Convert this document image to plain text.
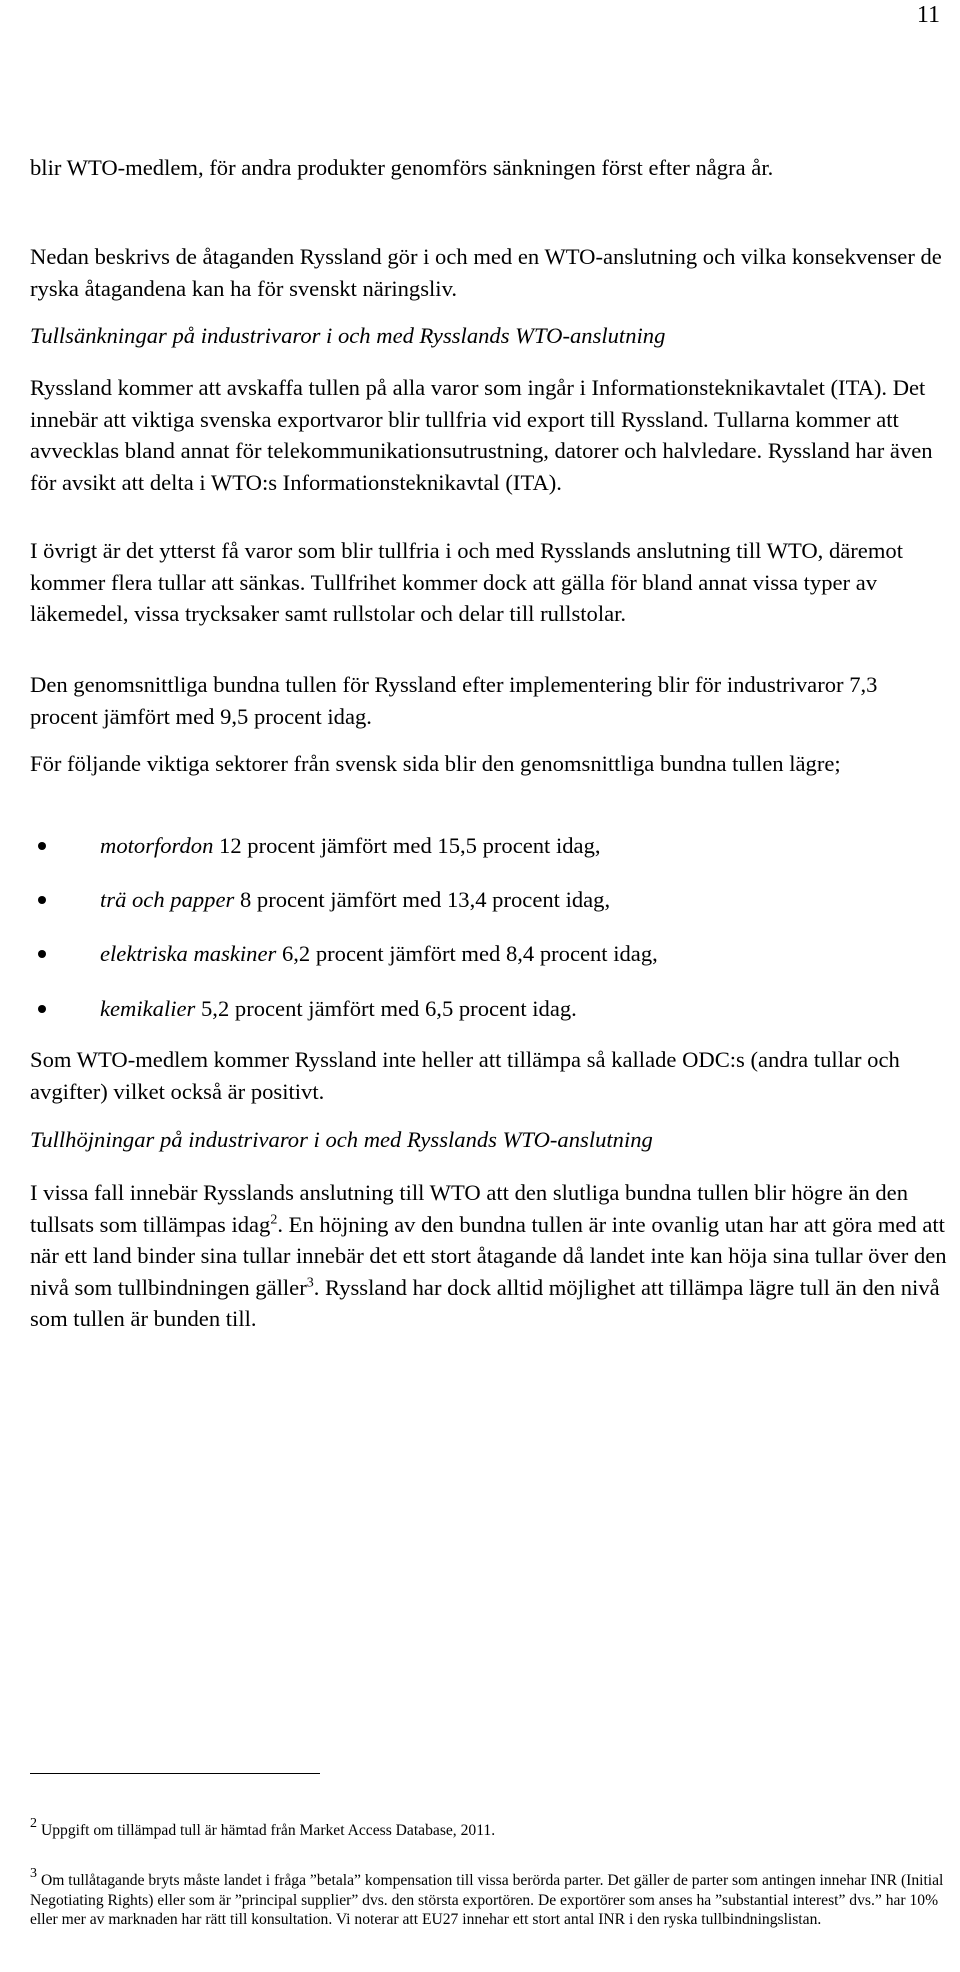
11

blir WTO-medlem, för andra produkter genomförs sänkningen först efter några år.

Nedan beskrivs de åtaganden Ryssland gör i och med en WTO-anslutning och vilka konsekvenser de ryska åtagandena kan ha för svenskt näringsliv.

Tullsänkningar på industrivaror i och med Rysslands WTO-anslutning

Ryssland kommer att avskaffa tullen på alla varor som ingår i Informationsteknikavtalet (ITA). Det innebär att viktiga svenska exportvaror blir tullfria vid export till Ryssland. Tullarna kommer att avvecklas bland annat för telekommunikationsutrustning, datorer och halvledare. Ryssland har även för avsikt att delta i WTO:s Informationsteknikavtal (ITA).

I övrigt är det ytterst få varor som blir tullfria i och med Rysslands anslutning till WTO, däremot kommer flera tullar att sänkas. Tullfrihet kommer dock att gälla för bland annat vissa typer av läkemedel, vissa trycksaker samt rullstolar och delar till rullstolar.

Den genomsnittliga bundna tullen för Ryssland efter implementering blir för industrivaror 7,3 procent jämfört med 9,5 procent idag.

För följande viktiga sektorer från svensk sida blir den genomsnittliga bundna tullen lägre;

motorfordon 12 procent jämfört med 15,5 procent idag,
trä och papper 8 procent jämfört med 13,4 procent idag,
elektriska maskiner 6,2 procent jämfört med 8,4 procent idag,
kemikalier 5,2 procent jämfört med 6,5 procent idag.

Som WTO-medlem kommer Ryssland inte heller att tillämpa så kallade ODC:s (andra tullar och avgifter) vilket också är positivt.

Tullhöjningar på industrivaror i och med Rysslands WTO-anslutning

I vissa fall innebär Rysslands anslutning till WTO att den slutliga bundna tullen blir högre än den tullsats som tillämpas idag$^2$. En höjning av den bundna tullen är inte ovanlig utan har att göra med att när ett land binder sina tullar innebär det ett stort åtagande då landet inte kan höja sina tullar över den nivå som tullbindningen gäller$^3$. Ryssland har dock alltid möjlighet att tillämpa lägre tull än den nivå som tullen är bunden till.

2 Uppgift om tillämpad tull är hämtad från Market Access Database, 2011.

3 Om tullåtagande bryts måste landet i fråga ”betala” kompensation till vissa berörda parter. Det gäller de parter som antingen innehar INR (Initial Negotiating Rights) eller som är ”principal supplier” dvs. den största exportören. De exportörer som anses ha ”substantial interest” dvs.” har 10% eller mer av marknaden har rätt till konsultation. Vi noterar att EU27 innehar ett stort antal INR i den ryska tullbindningslistan.
